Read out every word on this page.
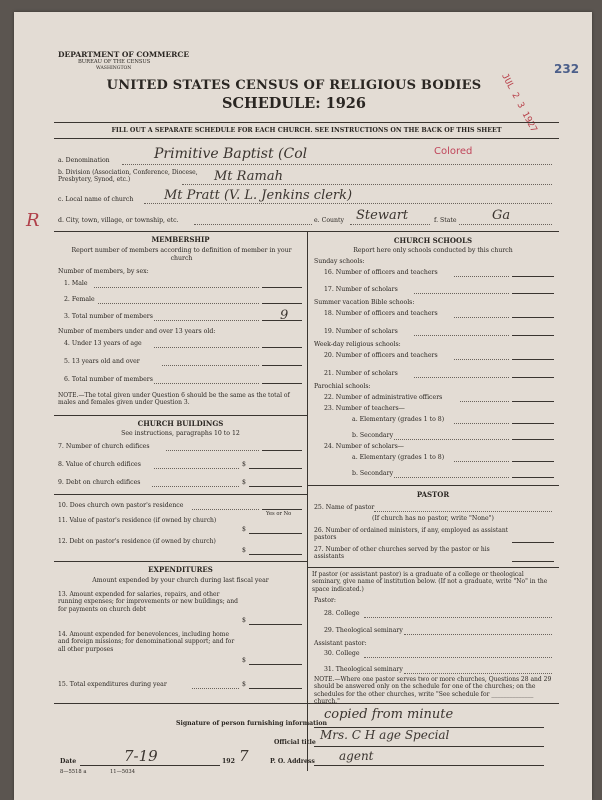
DEPARTMENT OF COMMERCE
BUREAU OF THE CENSUS
WASHINGTON
UNITED STATES CENSUS OF RELIGIOUS BODIES
SCHEDULE: 1926
232
JUL 2 3 1927
FILL OUT A SEPARATE SCHEDULE FOR EACH CHURCH. SEE INSTRUCTIONS ON THE BACK OF THIS SHEET
a. Denomination	Primitive Baptist (Col	Colored
b. Division (Association, Conference, Diocese, Presbytery, Synod, etc.)	Mt Ramah
c. Local name of church Mt Pratt (V. L. Jenkins clerk)
d. City, town, village, or township, etc.	e. County Stewart	f. State	Ga
R
MEMBERSHIP
Report number of members according to definition of member in your church
Number of members, by sex:
1. Male
2. Female
3. Total number of members	9
Number of members under and over 13 years old:
4. Under 13 years of age
5. 13 years old and over
6. Total number of members
NOTE.—The total given under Question 6 should be the same as the total of males and females given under Question 3.
CHURCH BUILDINGS
See instructions, paragraphs 10 to 12
7. Number of church edifices
8. Value of church edifices	$
9. Debt on church edifices	$
10. Does church own pastor's residence
Yes or No
11. Value of pastor's residence (if owned by church)
$
12. Debt on pastor's residence (if owned by church)
$
EXPENDITURES
Amount expended by your church during last fiscal year
13. Amount expended for salaries, repairs, and other running expenses; for improvements or new buildings; and for payments on church debt
$
14. Amount expended for benevolences, including home and foreign missions; for denominational support; and for all other purposes
$
15. Total expenditures during year	$
CHURCH SCHOOLS
Report here only schools conducted by this church
Sunday schools:
16. Number of officers and teachers
17. Number of scholars
Summer vacation Bible schools:
18. Number of officers and teachers
19. Number of scholars
Week-day religious schools:
20. Number of officers and teachers
21. Number of scholars
Parochial schools:
22. Number of administrative officers
23. Number of teachers—
a. Elementary (grades 1 to 8)
b. Secondary
24. Number of scholars—
a. Elementary (grades 1 to 8)
b. Secondary
PASTOR
25. Name of pastor
(If church has no pastor, write "None")
26. Number of ordained ministers, if any, employed as assistant pastors
27. Number of other churches served by the pastor or his assistants
If pastor (or assistant pastor) is a graduate of a college or theological seminary, give name of institution below. (If not a graduate, write "No" in the space indicated.)
Pastor:
28. College
29. Theological seminary
Assistant pastor:
30. College
31. Theological seminary
NOTE.—Where one pastor serves two or more churches, Questions 28 and 29 should be answered only on the schedule for one of the churches; on the schedules for the other churches, write "See schedule for ______________ church."
Signature of person furnishing information
copied from minute
Official title
Mrs. C H age Special
Date	7-19	192 7	P. O. Address agent
8—5518 a	11—5034
